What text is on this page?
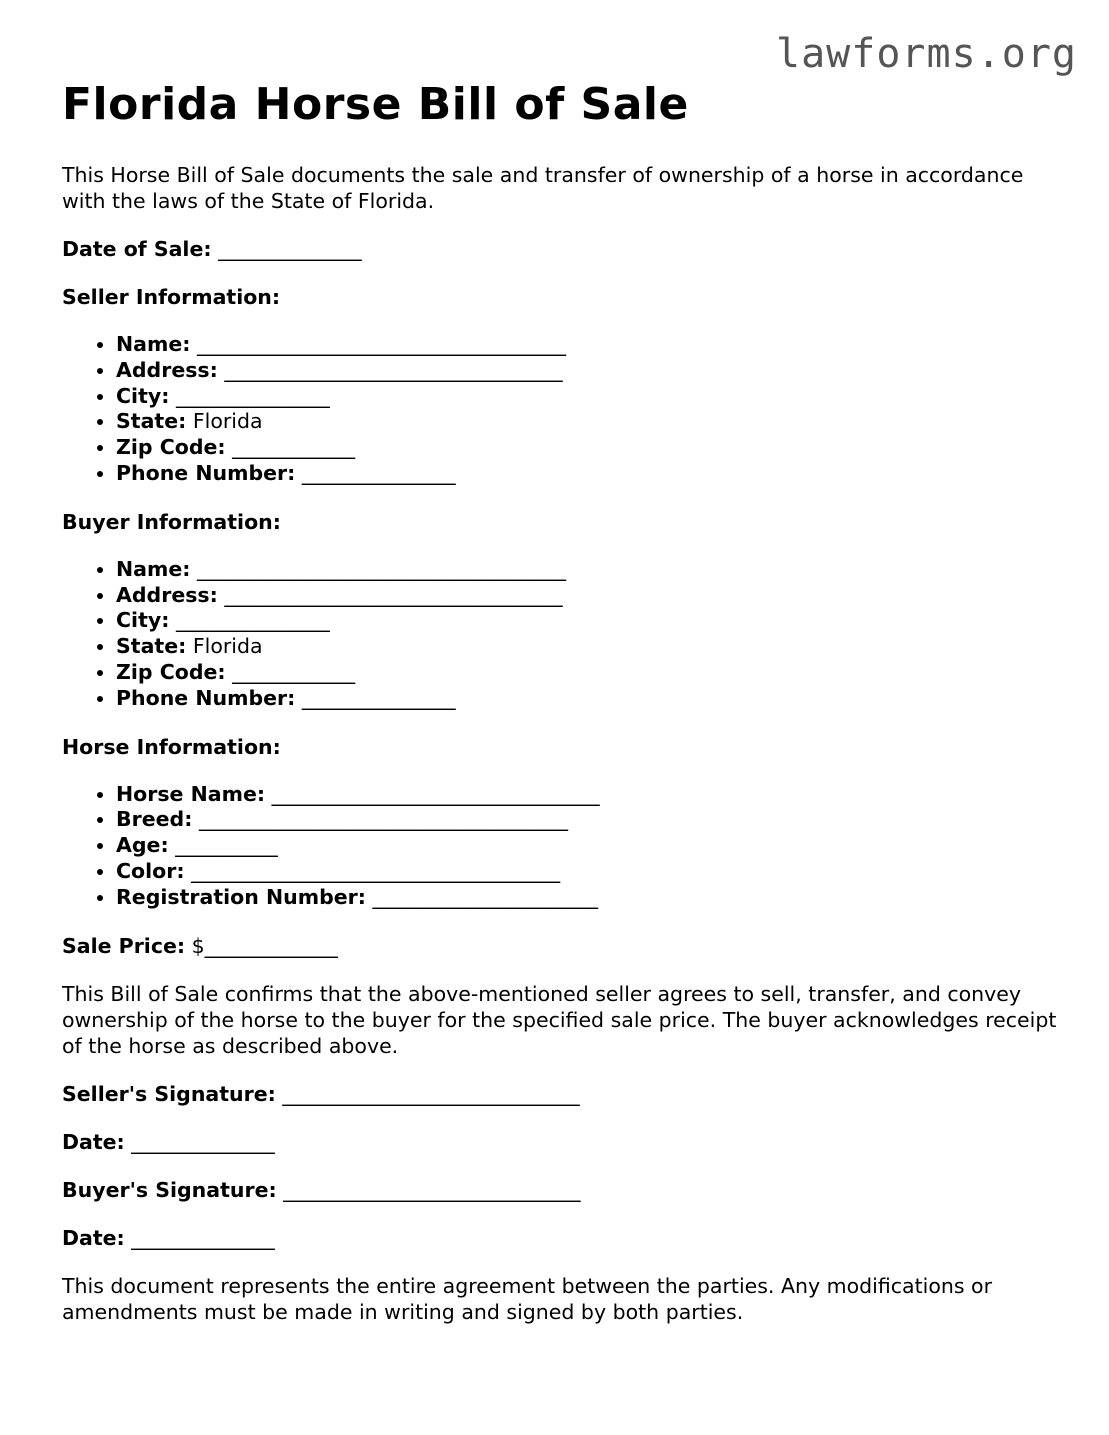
lawforms.org
Florida Horse Bill of Sale

This Horse Bill of Sale documents the sale and transfer of ownership of a horse in accordance with the laws of the State of Florida.

Date of Sale: ______________
Seller Information:
• Name: ____________________________________
• Address: _________________________________
• City: _______________
• State: Florida
• Zip Code: ____________
• Phone Number: _______________
Buyer Information:
• Name: ____________________________________
• Address: _________________________________
• City: _______________
• State: Florida
• Zip Code: ____________
• Phone Number: _______________
Horse Information:
• Horse Name: ________________________________
• Breed: ____________________________________
• Age: __________
• Color: ____________________________________
• Registration Number: ______________________
Sale Price: $_____________

This Bill of Sale confirms that the above-mentioned seller agrees to sell, transfer, and convey ownership of the horse to the buyer for the specified sale price. The buyer acknowledges receipt of the horse as described above.

Seller's Signature: _____________________________
Date: ______________
Buyer's Signature: _____________________________
Date: ______________

This document represents the entire agreement between the parties. Any modifications or amendments must be made in writing and signed by both parties.
